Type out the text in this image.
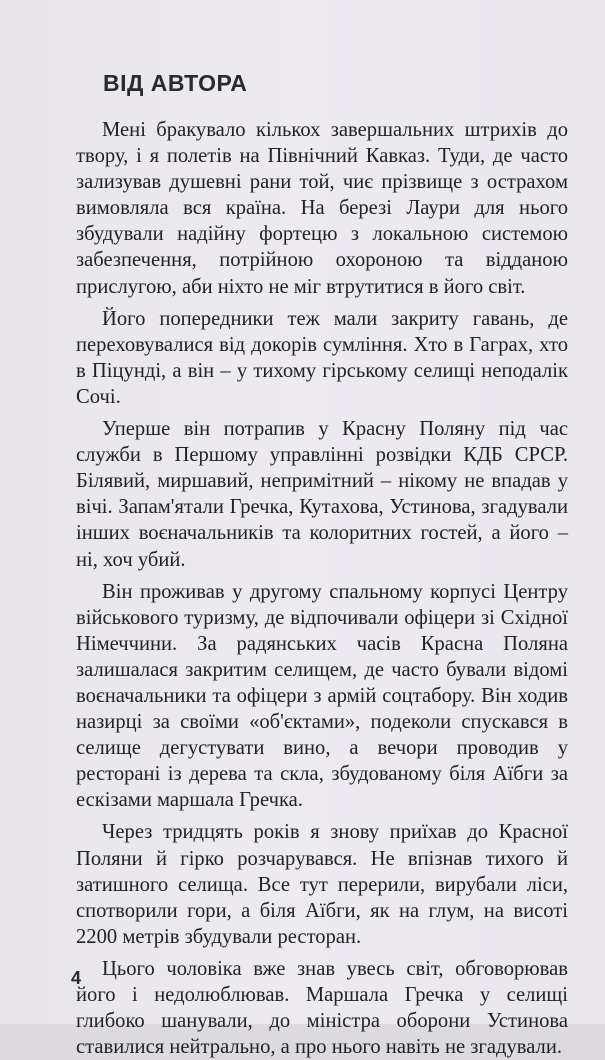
ВІД АВТОРА

Мені бракувало кількох завершальних штрихів до твору, і я полетів на Північний Кавказ. Туди, де часто зализував душевні рани той, чиє прізвище з острахом вимовляла вся країна. На березі Лаури для нього збудували надійну фортецю з локальною системою забезпечення, потрійною охороною та відданою прислугою, аби ніхто не міг втрутитися в його світ.

Його попередники теж мали закриту гавань, де переховувалися від докорів сумління. Хто в Гаграх, хто в Піцунді, а він – у тихому гірському селищі неподалік Сочі.

Уперше він потрапив у Красну Поляну під час служби в Першому управлінні розвідки КДБ СРСР. Білявий, миршавий, непримітний – нікому не впадав у вічі. Запам'ятали Гречка, Кутахова, Устинова, згадували інших воєначальників та колоритних гостей, а його – ні, хоч убий.

Він проживав у другому спальному корпусі Центру військового туризму, де відпочивали офіцери зі Східної Німеччини. За радянських часів Красна Поляна залишалася закритим селищем, де часто бували відомі воєначальники та офіцери з армій соцтабору. Він ходив назирці за своїми «об'єктами», подеколи спускався в селище дегустувати вино, а вечори проводив у ресторані із дерева та скла, збудованому біля Аїбги за ескізами маршала Гречка.

Через тридцять років я знову приїхав до Красної Поляни й гірко розчарувався. Не впізнав тихого й затишного селища. Все тут перерили, вирубали ліси, спотворили гори, а біля Аїбги, як на глум, на висоті 2200 метрів збудували ресторан.

Цього чоловіка вже знав увесь світ, обговорював його і недолюблював. Маршала Гречка у селищі глибоко шанували, до міністра оборони Устинова ставилися нейтрально, а про нього навіть не згадували.

4
